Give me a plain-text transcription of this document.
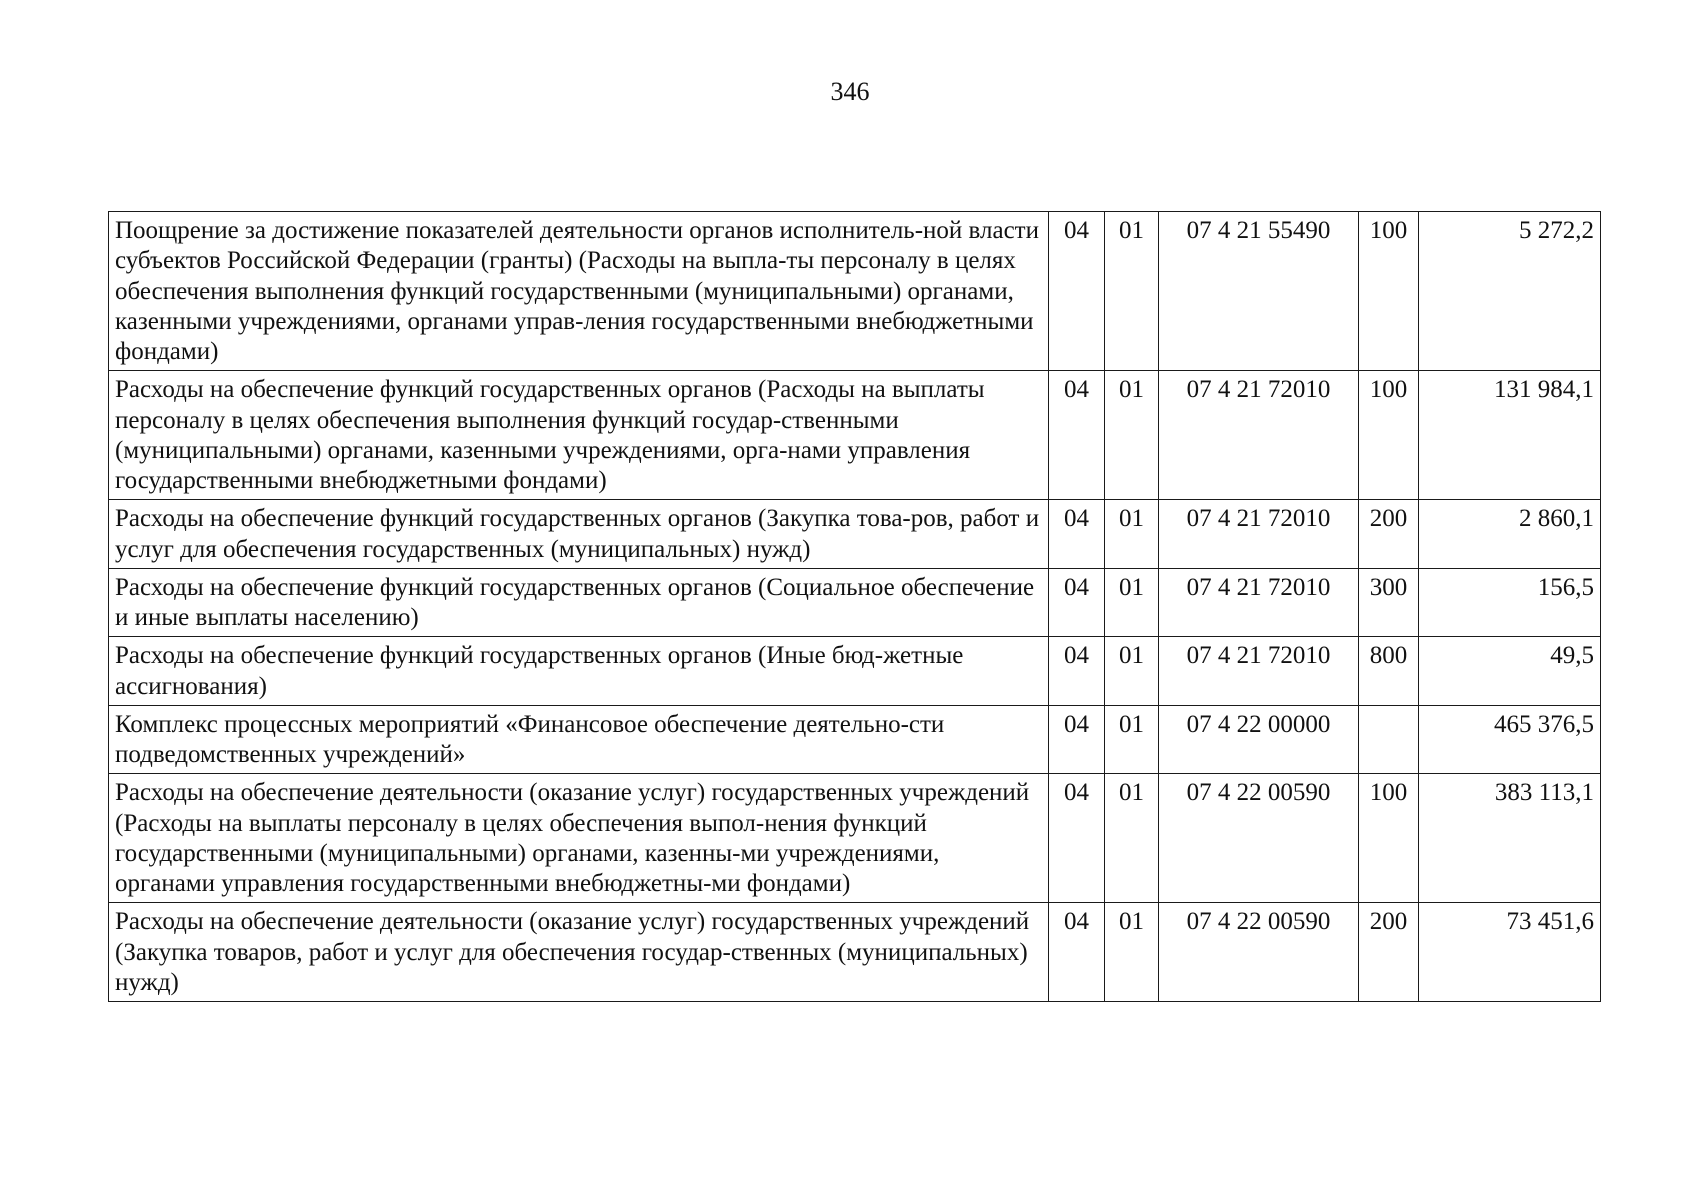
346
Поощрение за достижение показателей деятельности органов исполнитель-ной власти субъектов Российской Федерации (гранты) (Расходы на выпла-ты персоналу в целях обеспечения выполнения функций государственными (муниципальными) органами, казенными учреждениями, органами управ-ления государственными внебюджетными фондами)	04	01	07 4 21 55490	100	5 272,2
Расходы на обеспечение функций государственных органов (Расходы на выплаты персоналу в целях обеспечения выполнения функций государ-ственными (муниципальными) органами, казенными учреждениями, орга-нами управления государственными внебюджетными фондами)	04	01	07 4 21 72010	100	131 984,1
Расходы на обеспечение функций государственных органов (Закупка това-ров, работ и услуг для обеспечения государственных (муниципальных) нужд)	04	01	07 4 21 72010	200	2 860,1
Расходы на обеспечение функций государственных органов (Социальное обеспечение и иные выплаты населению)	04	01	07 4 21 72010	300	156,5
Расходы на обеспечение функций государственных органов (Иные бюд-жетные ассигнования)	04	01	07 4 21 72010	800	49,5
Комплекс процессных мероприятий «Финансовое обеспечение деятельно-сти подведомственных учреждений»	04	01	07 4 22 00000		465 376,5
Расходы на обеспечение деятельности (оказание услуг) государственных учреждений (Расходы на выплаты персоналу в целях обеспечения выпол-нения функций государственными (муниципальными) органами, казенны-ми учреждениями, органами управления государственными внебюджетны-ми фондами)	04	01	07 4 22 00590	100	383 113,1
Расходы на обеспечение деятельности (оказание услуг) государственных учреждений (Закупка товаров, работ и услуг для обеспечения государ-ственных (муниципальных) нужд)	04	01	07 4 22 00590	200	73 451,6
